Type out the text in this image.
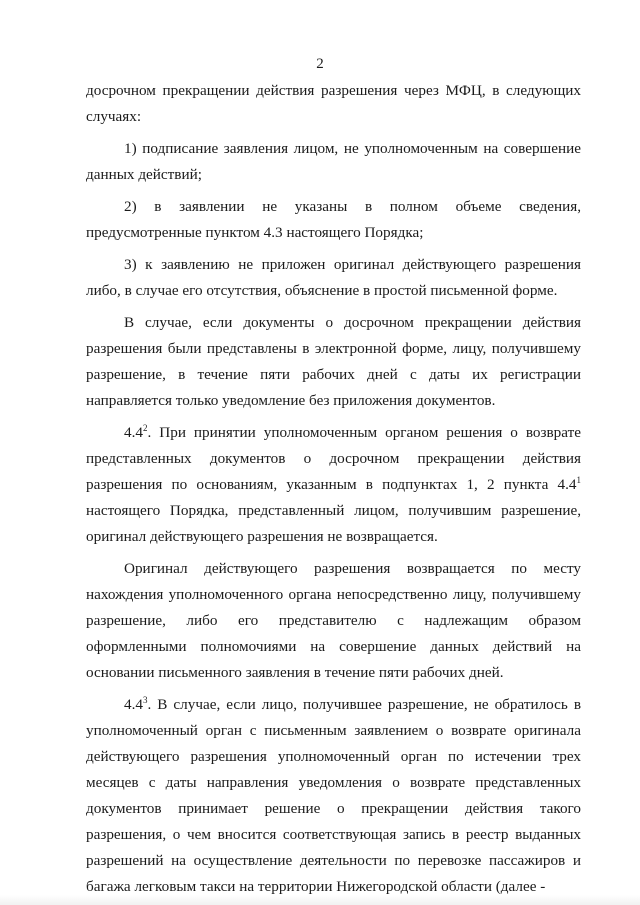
2

досрочном прекращении действия разрешения через МФЦ, в следующих случаях:

1) подписание заявления лицом, не уполномоченным на совершение данных действий;

2) в заявлении не указаны в полном объеме сведения, предусмотренные пунктом 4.3 настоящего Порядка;

3) к заявлению не приложен оригинал действующего разрешения либо, в случае его отсутствия, объяснение в простой письменной форме.

В случае, если документы о досрочном прекращении действия разрешения были представлены в электронной форме, лицу, получившему разрешение, в течение пяти рабочих дней с даты их регистрации направляется только уведомление без приложения документов.

$4.4^2$. При принятии уполномоченным органом решения о возврате представленных документов о досрочном прекращении действия разрешения по основаниям, указанным в подпунктах 1, 2 пункта $4.4^1$ настоящего Порядка, представленный лицом, получившим разрешение, оригинал действующего разрешения не возвращается.

Оригинал действующего разрешения возвращается по месту нахождения уполномоченного органа непосредственно лицу, получившему разрешение, либо его представителю с надлежащим образом оформленными полномочиями на совершение данных действий на основании письменного заявления в течение пяти рабочих дней.

$4.4^3$. В случае, если лицо, получившее разрешение, не обратилось в уполномоченный орган с письменным заявлением о возврате оригинала действующего разрешения уполномоченный орган по истечении трех месяцев с даты направления уведомления о возврате представленных документов принимает решение о прекращении действия такого разрешения, о чем вносится соответствующая запись в реестр выданных разрешений на осуществление деятельности по перевозке пассажиров и багажа легковым такси на территории Нижегородской области (далее -
